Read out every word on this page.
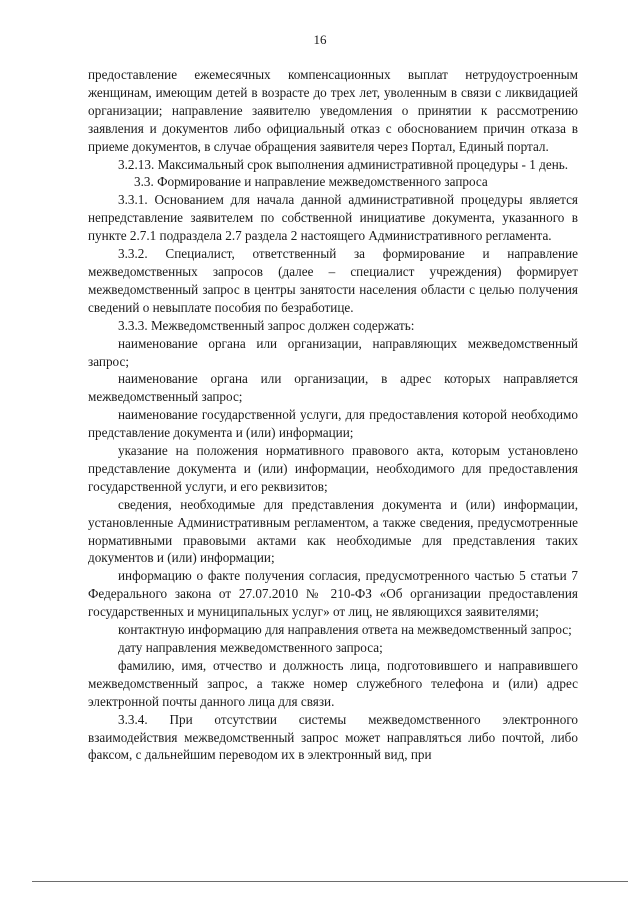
16

предоставление ежемесячных компенсационных выплат нетрудоустроенным женщинам, имеющим детей в возрасте до трех лет, уволенным в связи с ликвидацией организации; направление заявителю уведомления о принятии к рассмотрению заявления и документов либо официальный отказ с обоснованием причин отказа в приеме документов, в случае обращения заявителя через Портал, Единый портал.

3.2.13. Максимальный срок выполнения административной процедуры - 1 день.

3.3. Формирование и направление межведомственного запроса

3.3.1. Основанием для начала данной административной процедуры является непредставление заявителем по собственной инициативе документа, указанного в пункте 2.7.1 подраздела 2.7 раздела 2 настоящего Административного регламента.

3.3.2. Специалист, ответственный за формирование и направление межведомственных запросов (далее – специалист учреждения) формирует межведомственный запрос в центры занятости населения области с целью получения сведений о невыплате пособия по безработице.

3.3.3. Межведомственный запрос должен содержать:

наименование органа или организации, направляющих межведомственный запрос;

наименование органа или организации, в адрес которых направляется межведомственный запрос;

наименование государственной услуги, для предоставления которой необходимо представление документа и (или) информации;

указание на положения нормативного правового акта, которым установлено представление документа и (или) информации, необходимого для предоставления государственной услуги, и его реквизитов;

сведения, необходимые для представления документа и (или) информации, установленные Административным регламентом, а также сведения, предусмотренные нормативными правовыми актами как необходимые для представления таких документов и (или) информации;

информацию о факте получения согласия, предусмотренного частью 5 статьи 7 Федерального закона от 27.07.2010 № 210-ФЗ «Об организации предоставления государственных и муниципальных услуг» от лиц, не являющихся заявителями;

контактную информацию для направления ответа на межведомственный запрос;

дату направления межведомственного запроса;

фамилию, имя, отчество и должность лица, подготовившего и направившего межведомственный запрос, а также номер служебного телефона и (или) адрес электронной почты данного лица для связи.

3.3.4. При отсутствии системы межведомственного электронного взаимодействия межведомственный запрос может направляться либо почтой, либо факсом, с дальнейшим переводом их в электронный вид, при
